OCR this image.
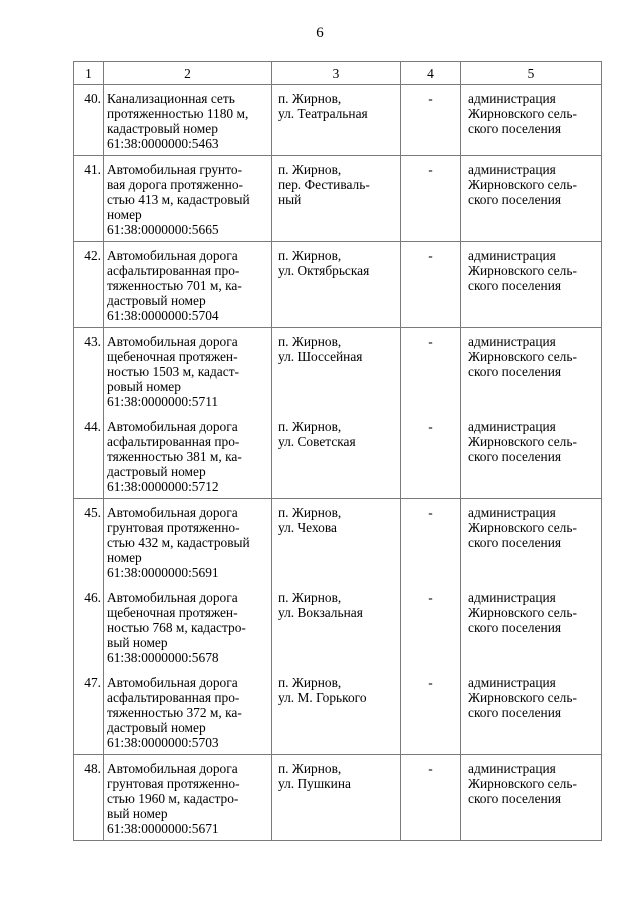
6
1	2	3	4	5
40.	Канализационная сеть
протяженностью 1180 м,
кадастровый номер
61:38:0000000:5463	п. Жирнов,
ул. Театральная	-	администрация
Жирновского сель-
ского поселения

41.	Автомобильная грунто-
вая дорога протяженно-
стью 413 м, кадастровый
номер
61:38:0000000:5665	п. Жирнов,
пер. Фестиваль-
ный	-	администрация
Жирновского сель-
ского поселения

42.	Автомобильная дорога
асфальтированная про-
тяженностью 701 м, ка-
дастровый номер
61:38:0000000:5704	п. Жирнов,
ул. Октябрьская	-	администрация
Жирновского сель-
ского поселения

43.	Автомобильная дорога
щебеночная протяжен-
ностью 1503 м, кадаст-
ровый номер
61:38:0000000:5711	п. Жирнов,
ул. Шоссейная	-	администрация
Жирновского сель-
ского поселения

44.	Автомобильная дорога
асфальтированная про-
тяженностью 381 м, ка-
дастровый номер
61:38:0000000:5712	п. Жирнов,
ул. Советская	-	администрация
Жирновского сель-
ского поселения

45.	Автомобильная дорога
грунтовая протяженно-
стью 432 м, кадастровый
номер
61:38:0000000:5691	п. Жирнов,
ул. Чехова	-	администрация
Жирновского сель-
ского поселения

46.	Автомобильная дорога
щебеночная протяжен-
ностью 768 м, кадастро-
вый номер
61:38:0000000:5678	п. Жирнов,
ул. Вокзальная	-	администрация
Жирновского сель-
ского поселения

47.	Автомобильная дорога
асфальтированная про-
тяженностью 372 м, ка-
дастровый номер
61:38:0000000:5703	п. Жирнов,
ул. М. Горького	-	администрация
Жирновского сель-
ского поселения

48.	Автомобильная дорога
грунтовая протяженно-
стью 1960 м, кадастро-
вый номер
61:38:0000000:5671	п. Жирнов,
ул. Пушкина	-	администрация
Жирновского сель-
ского поселения
